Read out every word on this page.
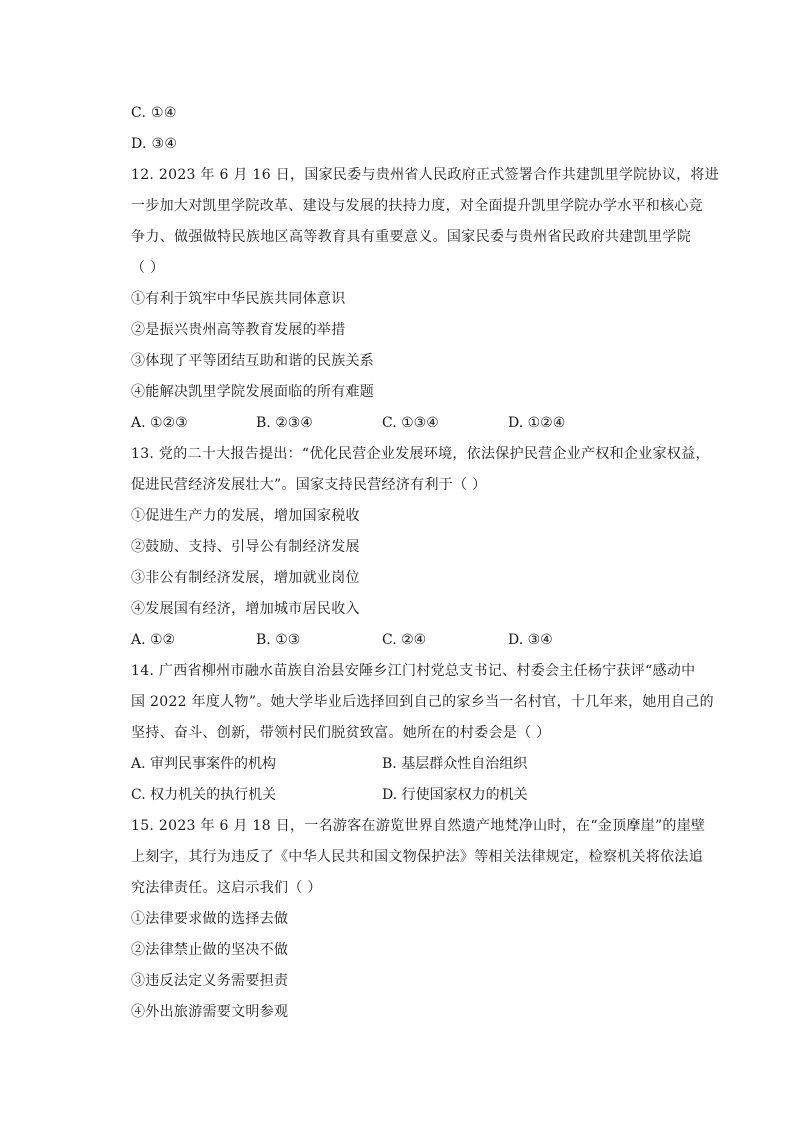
C. ①④
D. ③④
12. 2023 年 6 月 16 日，国家民委与贵州省人民政府正式签署合作共建凯里学院协议，将进
一步加大对凯里学院改革、建设与发展的扶持力度，对全面提升凯里学院办学水平和核心竞
争力、做强做特民族地区高等教育具有重要意义。国家民委与贵州省民政府共建凯里学院
（ ）
①有利于筑牢中华民族共同体意识
②是振兴贵州高等教育发展的举措
③体现了平等团结互助和谐的民族关系
④能解决凯里学院发展面临的所有难题
A. ①②③	B. ②③④	C. ①③④	D. ①②④
13. 党的二十大报告提出：“优化民营企业发展环境，依法保护民营企业产权和企业家权益，
促进民营经济发展壮大”。国家支持民营经济有利于（ ）
①促进生产力的发展，增加国家税收
②鼓励、支持、引导公有制经济发展
③非公有制经济发展，增加就业岗位
④发展国有经济，增加城市居民收入
A. ①②	B. ①③	C. ②④	D. ③④
14. 广西省柳州市融水苗族自治县安陲乡江门村党总支书记、村委会主任杨宁获评“感动中
国 2022 年度人物”。她大学毕业后选择回到自己的家乡当一名村官，十几年来，她用自己的
坚持、奋斗、创新，带领村民们脱贫致富。她所在的村委会是（ ）
A. 审判民事案件的机构	B. 基层群众性自治组织
C. 权力机关的执行机关	D. 行使国家权力的机关
15. 2023 年 6 月 18 日，一名游客在游览世界自然遗产地梵净山时，在“金顶摩崖”的崖壁
上刻字，其行为违反了《中华人民共和国文物保护法》等相关法律规定，检察机关将依法追
究法律责任。这启示我们（ ）
①法律要求做的选择去做
②法律禁止做的坚决不做
③违反法定义务需要担责
④外出旅游需要文明参观
